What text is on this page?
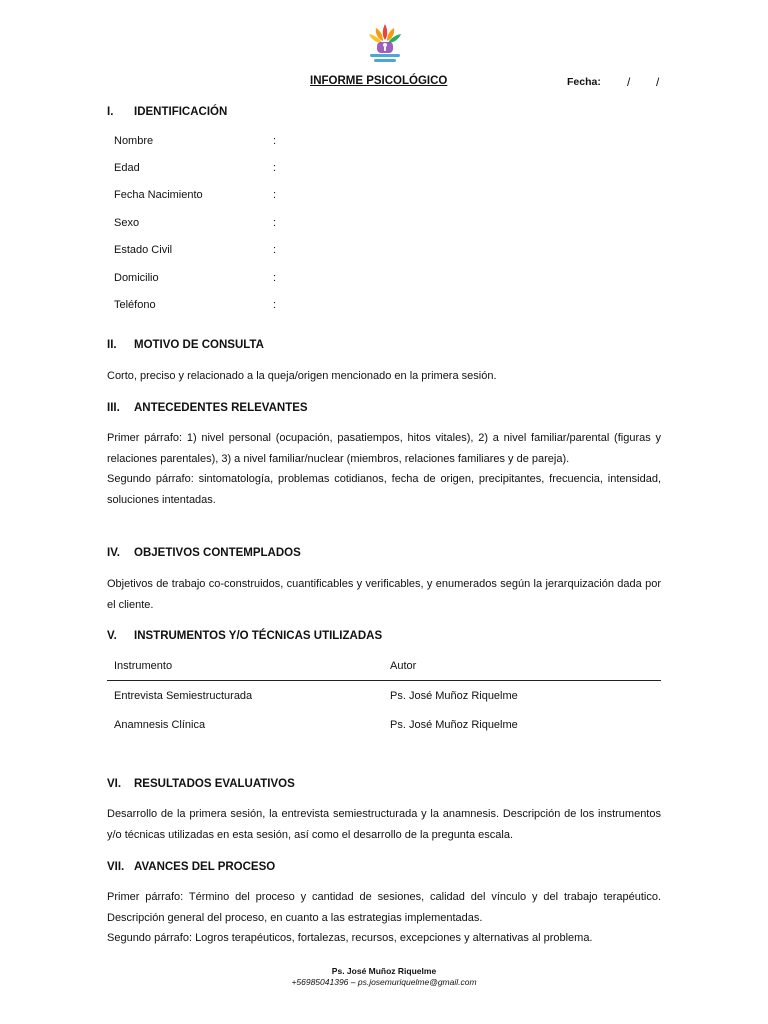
INFORME PSICOLÓGICO	Fecha: / /
I. IDENTIFICACIÓN
Nombre	:
Edad	:
Fecha Nacimiento	:
Sexo	:
Estado Civil	:
Domicilio	:
Teléfono	:
II. MOTIVO DE CONSULTA

Corto, preciso y relacionado a la queja/origen mencionado en la primera sesión.

III. ANTECEDENTES RELEVANTES

Primer párrafo: 1) nivel personal (ocupación, pasatiempos, hitos vitales), 2) a nivel familiar/parental (figuras y relaciones parentales), 3) a nivel familiar/nuclear (miembros, relaciones familiares y de pareja).

Segundo párrafo: sintomatología, problemas cotidianos, fecha de origen, precipitantes, frecuencia, intensidad, soluciones intentadas.

IV. OBJETIVOS CONTEMPLADOS

Objetivos de trabajo co-construidos, cuantificables y verificables, y enumerados según la jerarquización dada por el cliente.

V. INSTRUMENTOS Y/O TÉCNICAS UTILIZADAS
Instrumento	Autor
Entrevista Semiestructurada	Ps. José Muñoz Riquelme
Anamnesis Clínica	Ps. José Muñoz Riquelme
VI. RESULTADOS EVALUATIVOS

Desarrollo de la primera sesión, la entrevista semiestructurada y la anamnesis. Descripción de los instrumentos y/o técnicas utilizadas en esta sesión, así como el desarrollo de la pregunta escala.

VII. AVANCES DEL PROCESO

Primer párrafo: Término del proceso y cantidad de sesiones, calidad del vínculo y del trabajo terapéutico. Descripción general del proceso, en cuanto a las estrategias implementadas.

Segundo párrafo: Logros terapéuticos, fortalezas, recursos, excepciones y alternativas al problema.

Ps. José Muñoz Riquelme
+56985041396 – ps.josemuriquelme@gmail.com
